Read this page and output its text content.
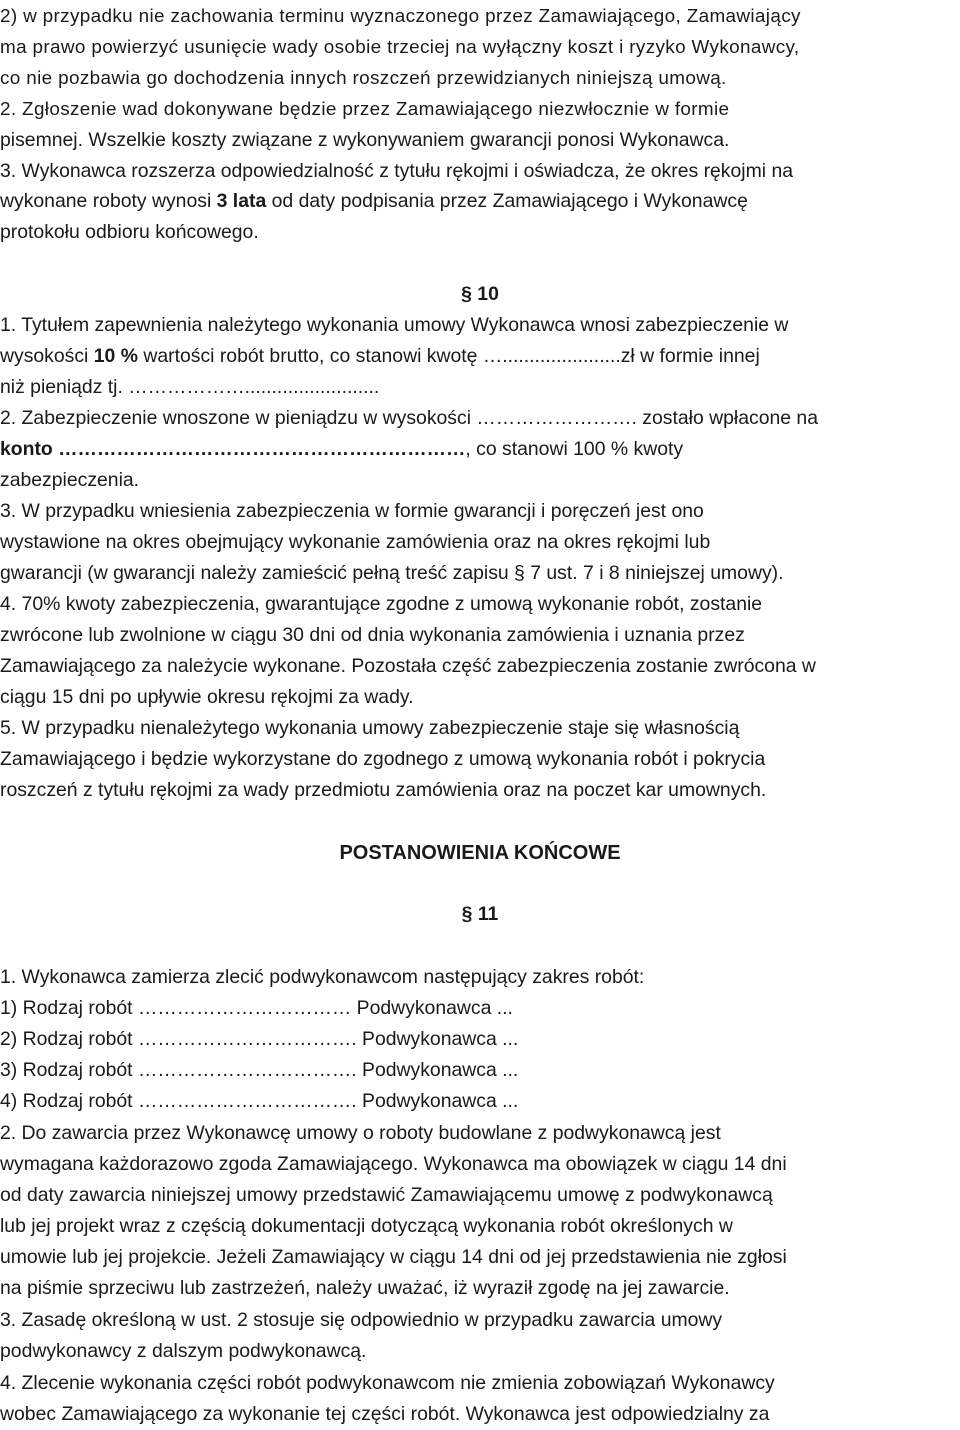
2) w przypadku nie zachowania terminu wyznaczonego przez Zamawiającego, Zamawiający
ma prawo powierzyć usunięcie wady osobie trzeciej na wyłączny koszt i ryzyko Wykonawcy,
co nie pozbawia go dochodzenia innych roszczeń przewidzianych niniejszą umową.
2. Zgłoszenie wad dokonywane będzie przez Zamawiającego niezwłocznie w formie
pisemnej. Wszelkie koszty związane z wykonywaniem gwarancji ponosi Wykonawca.
3. Wykonawca rozszerza odpowiedzialność z tytułu rękojmi i oświadcza, że okres rękojmi na
wykonane roboty wynosi 3 lata od daty podpisania przez Zamawiającego i Wykonawcę
protokołu odbioru końcowego.
§ 10
1. Tytułem zapewnienia należytego wykonania umowy Wykonawca wnosi zabezpieczenie w
wysokości 10 % wartości robót brutto, co stanowi kwotę …......................zł w formie innej
niż pieniądz tj. ……………….........................
2. Zabezpieczenie wnoszone w pieniądzu w wysokości ……………………. zostało wpłacone na
konto ………………………………………………………, co stanowi 100 % kwoty
zabezpieczenia.
3. W przypadku wniesienia zabezpieczenia w formie gwarancji i poręczeń jest ono
wystawione na okres obejmujący wykonanie zamówienia oraz na okres rękojmi lub
gwarancji (w gwarancji należy zamieścić pełną treść zapisu § 7 ust. 7 i 8 niniejszej umowy).
4. 70% kwoty zabezpieczenia, gwarantujące zgodne z umową wykonanie robót, zostanie
zwrócone lub zwolnione w ciągu 30 dni od dnia wykonania zamówienia i uznania przez
Zamawiającego za należycie wykonane. Pozostała część zabezpieczenia zostanie zwrócona w
ciągu 15 dni po upływie okresu rękojmi za wady.
5. W przypadku nienależytego wykonania umowy zabezpieczenie staje się własnością
Zamawiającego i będzie wykorzystane do zgodnego z umową wykonania robót i pokrycia
roszczeń z tytułu rękojmi za wady przedmiotu zamówienia oraz na poczet kar umownych.
POSTANOWIENIA KOŃCOWE
§ 11
1. Wykonawca zamierza zlecić podwykonawcom następujący zakres robót:
1) Rodzaj robót …………………………… Podwykonawca ...
2) Rodzaj robót ……………………………. Podwykonawca ...
3) Rodzaj robót ……………………………. Podwykonawca ...
4) Rodzaj robót ……………………………. Podwykonawca ...
2. Do zawarcia przez Wykonawcę umowy o roboty budowlane z podwykonawcą jest
wymagana każdorazowo zgoda Zamawiającego. Wykonawca ma obowiązek w ciągu 14 dni
od daty zawarcia niniejszej umowy przedstawić Zamawiającemu umowę z podwykonawcą
lub jej projekt wraz z częścią dokumentacji dotyczącą wykonania robót określonych w
umowie lub jej projekcie. Jeżeli Zamawiający w ciągu 14 dni od jej przedstawienia nie zgłosi
na piśmie sprzeciwu lub zastrzeżeń, należy uważać, iż wyraził zgodę na jej zawarcie.
3. Zasadę określoną w ust. 2 stosuje się odpowiednio w przypadku zawarcia umowy
podwykonawcy z dalszym podwykonawcą.
4. Zlecenie wykonania części robót podwykonawcom nie zmienia zobowiązań Wykonawcy
wobec Zamawiającego za wykonanie tej części robót. Wykonawca jest odpowiedzialny za
